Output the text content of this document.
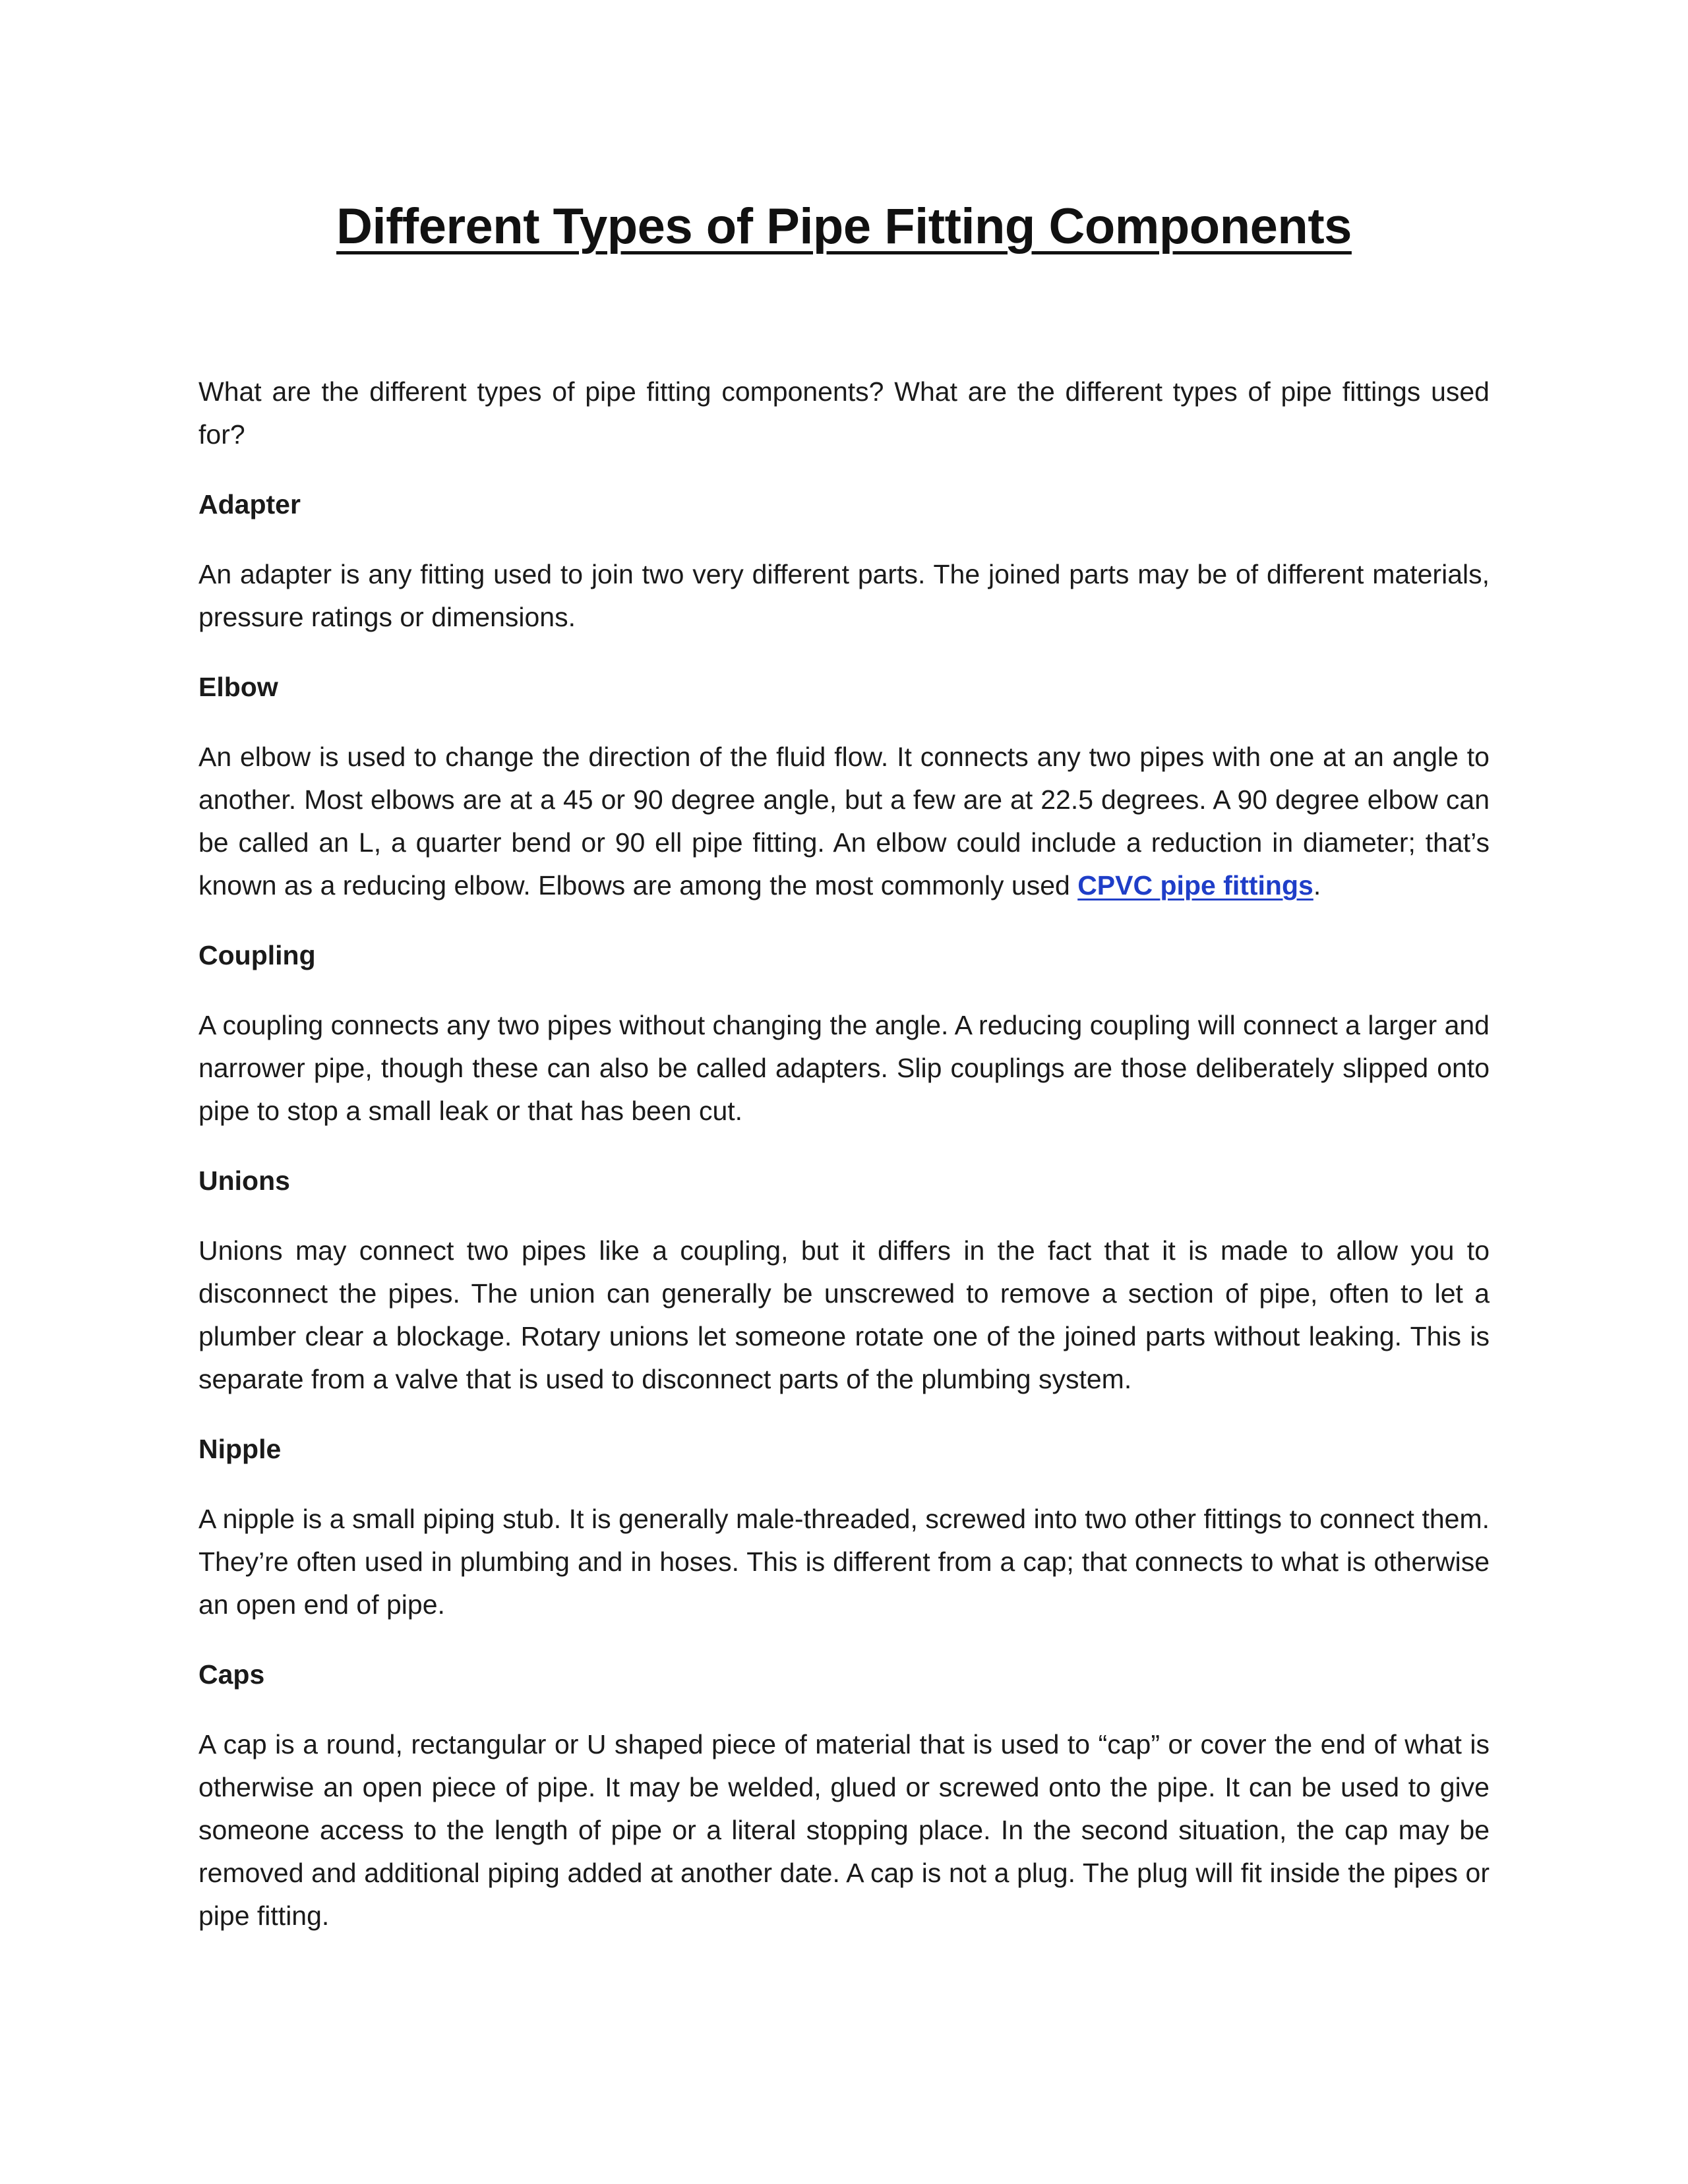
Different Types of Pipe Fitting Components

What are the different types of pipe fitting components? What are the different types of pipe fittings used for?

Adapter

An adapter is any fitting used to join two very different parts. The joined parts may be of different materials, pressure ratings or dimensions.

Elbow

An elbow is used to change the direction of the fluid flow. It connects any two pipes with one at an angle to another. Most elbows are at a 45 or 90 degree angle, but a few are at 22.5 degrees. A 90 degree elbow can be called an L, a quarter bend or 90 ell pipe fitting. An elbow could include a reduction in diameter; that’s known as a reducing elbow. Elbows are among the most commonly used CPVC pipe fittings.

Coupling

A coupling connects any two pipes without changing the angle. A reducing coupling will connect a larger and narrower pipe, though these can also be called adapters. Slip couplings are those deliberately slipped onto pipe to stop a small leak or that has been cut.

Unions

Unions may connect two pipes like a coupling, but it differs in the fact that it is made to allow you to disconnect the pipes. The union can generally be unscrewed to remove a section of pipe, often to let a plumber clear a blockage. Rotary unions let someone rotate one of the joined parts without leaking. This is separate from a valve that is used to disconnect parts of the plumbing system.

Nipple

A nipple is a small piping stub. It is generally male-threaded, screwed into two other fittings to connect them. They’re often used in plumbing and in hoses. This is different from a cap; that connects to what is otherwise an open end of pipe.

Caps

A cap is a round, rectangular or U shaped piece of material that is used to “cap” or cover the end of what is otherwise an open piece of pipe. It may be welded, glued or screwed onto the pipe. It can be used to give someone access to the length of pipe or a literal stopping place. In the second situation, the cap may be removed and additional piping added at another date. A cap is not a plug. The plug will fit inside the pipes or pipe fitting.
